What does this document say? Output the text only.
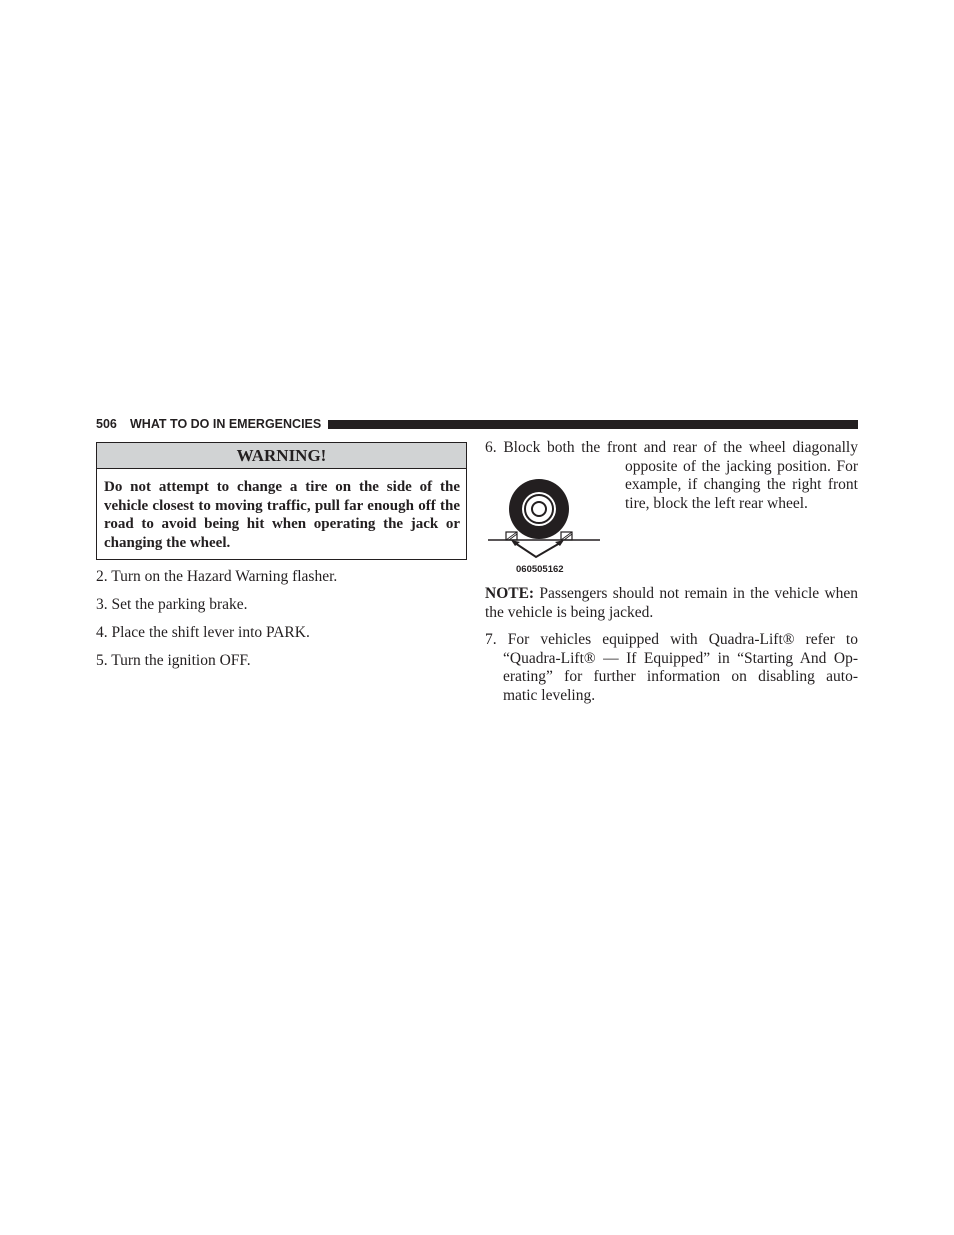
506 WHAT TO DO IN EMERGENCIES
WARNING!
Do not attempt to change a tire on the side of the vehicle closest to moving traffic, pull far enough off the road to avoid being hit when operating the jack or changing the wheel.
2. Turn on the Hazard Warning flasher.
3. Set the parking brake.
4. Place the shift lever into PARK.
5. Turn the ignition OFF.
6. Block both the front and rear of the wheel diagonally
opposite of the jacking position. For
example, if changing the right front
tire, block the left rear wheel.
060505162
NOTE: Passengers should not remain in the vehicle when the vehicle is being jacked.
7. For vehicles equipped with Quadra-Lift® refer to
“Quadra-Lift® — If Equipped” in “Starting And Op-
erating” for further information on disabling auto-
matic leveling.
